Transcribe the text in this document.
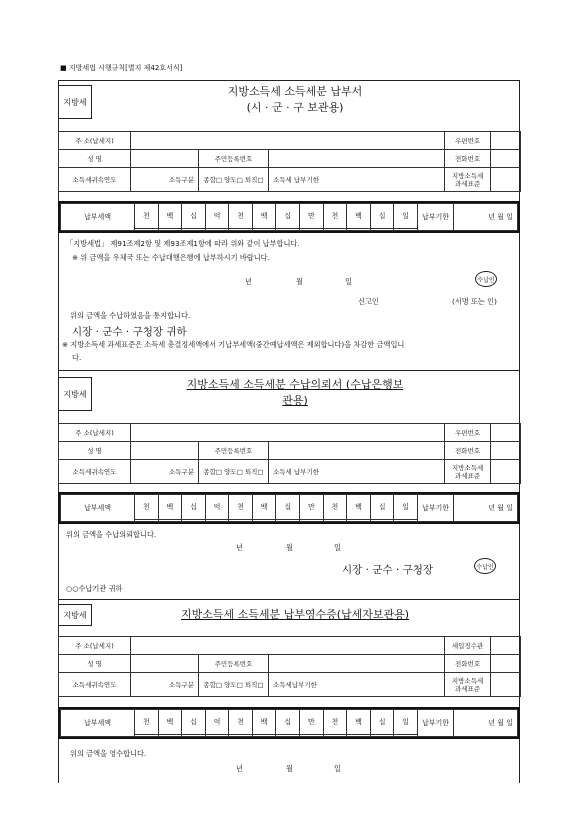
■ 지방세법 시행규칙[별지 제42호서식]
지방세
지방소득세 소득세분 납부서
(시 · 군 · 구 보관용)
주 소(납세지)				우편번호	
성 명		주민등록번호		전화번호	
소득세귀속연도	소득구분	종합□ 양도□ 퇴직□	소득세 납부기한	지방소득세
과세표준	

납부세액	천	백	십	억	천	백	십	만	천	백	십	일	납부기한	년 월 일

「지방세법」 제91조제2항 및 제93조제1항에 따라 위와 같이 납부합니다.
※ 위 금액을 우체국 또는 수납대행은행에 납부하시기 바랍니다.
년	월	일	수납인
신고인	(서명 또는 인)
위의 금액을 수납하였음을 통지합니다.
시장 · 군수 · 구청장 귀하
※ 지방소득세 과세표준은 소득세 총결정세액에서 기납부세액(중간예납세액은 제외합니다)을 차감한 금액입니
다.
지방세
지방소득세 소득세분 수납의뢰서 (수납은행보
관용)
주 소(납세지)				우편번호	
성 명		주민등록번호		전화번호	
소득세귀속연도	소득구분	종합□ 양도□ 퇴직□	소득세 납부기한	지방소득세
과세표준	

납부세액	천	백	십	억	천	백	십	만	천	백	십	일	납부기한	년 월 일

위의 금액을 수납의뢰합니다.
년	월	일
시장 · 군수 · 구청장	수납인
○○수납기관 귀하
지방세	지방소득세 소득세분 납부영수증(납세자보관용)
주 소(납세지)				세입징수관	
성 명		주민등록번호		전화번호	
소득세귀속연도	소득구분	종합□ 양도□ 퇴직□	소득세납부기한	지방소득세
과세표준	

납부세액	천	백	십	억	천	백	십	만	천	백	십	일	납부기한	년 월 일

위의 금액을 영수합니다.
년	월	일
